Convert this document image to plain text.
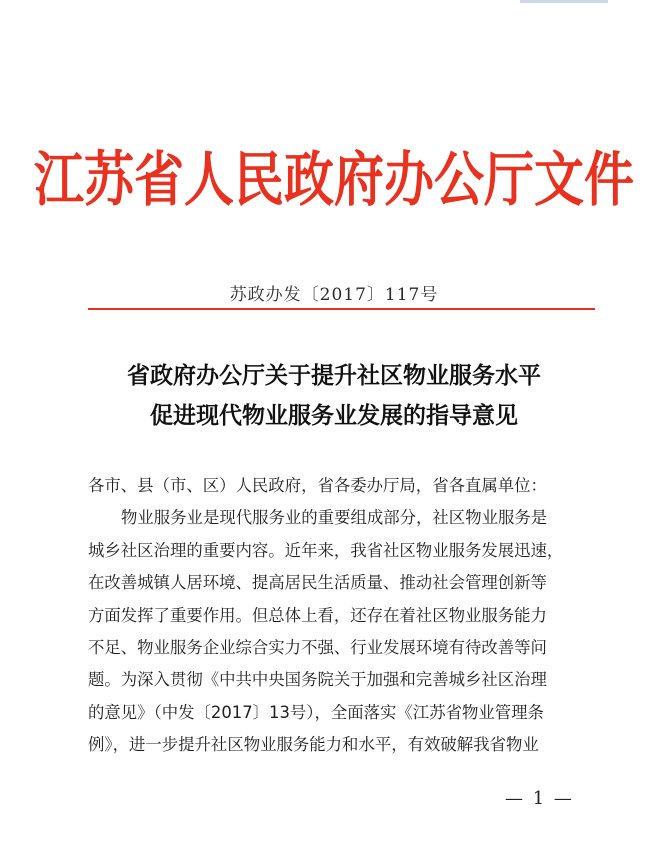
江苏省人民政府办公厅文件
苏政办发〔2017〕117号
省政府办公厅关于提升社区物业服务水平
促进现代物业服务业发展的指导意见
各市、县（市、区）人民政府，省各委办厅局，省各直属单位：
物业服务业是现代服务业的重要组成部分，社区物业服务是
城乡社区治理的重要内容。近年来，我省社区物业服务发展迅速，
在改善城镇人居环境、提高居民生活质量、推动社会管理创新等
方面发挥了重要作用。但总体上看，还存在着社区物业服务能力
不足、物业服务企业综合实力不强、行业发展环境有待改善等问
题。为深入贯彻《中共中央国务院关于加强和完善城乡社区治理
的意见》（中发〔2017〕13号），全面落实《江苏省物业管理条
例》，进一步提升社区物业服务能力和水平，有效破解我省物业
— 1 —
